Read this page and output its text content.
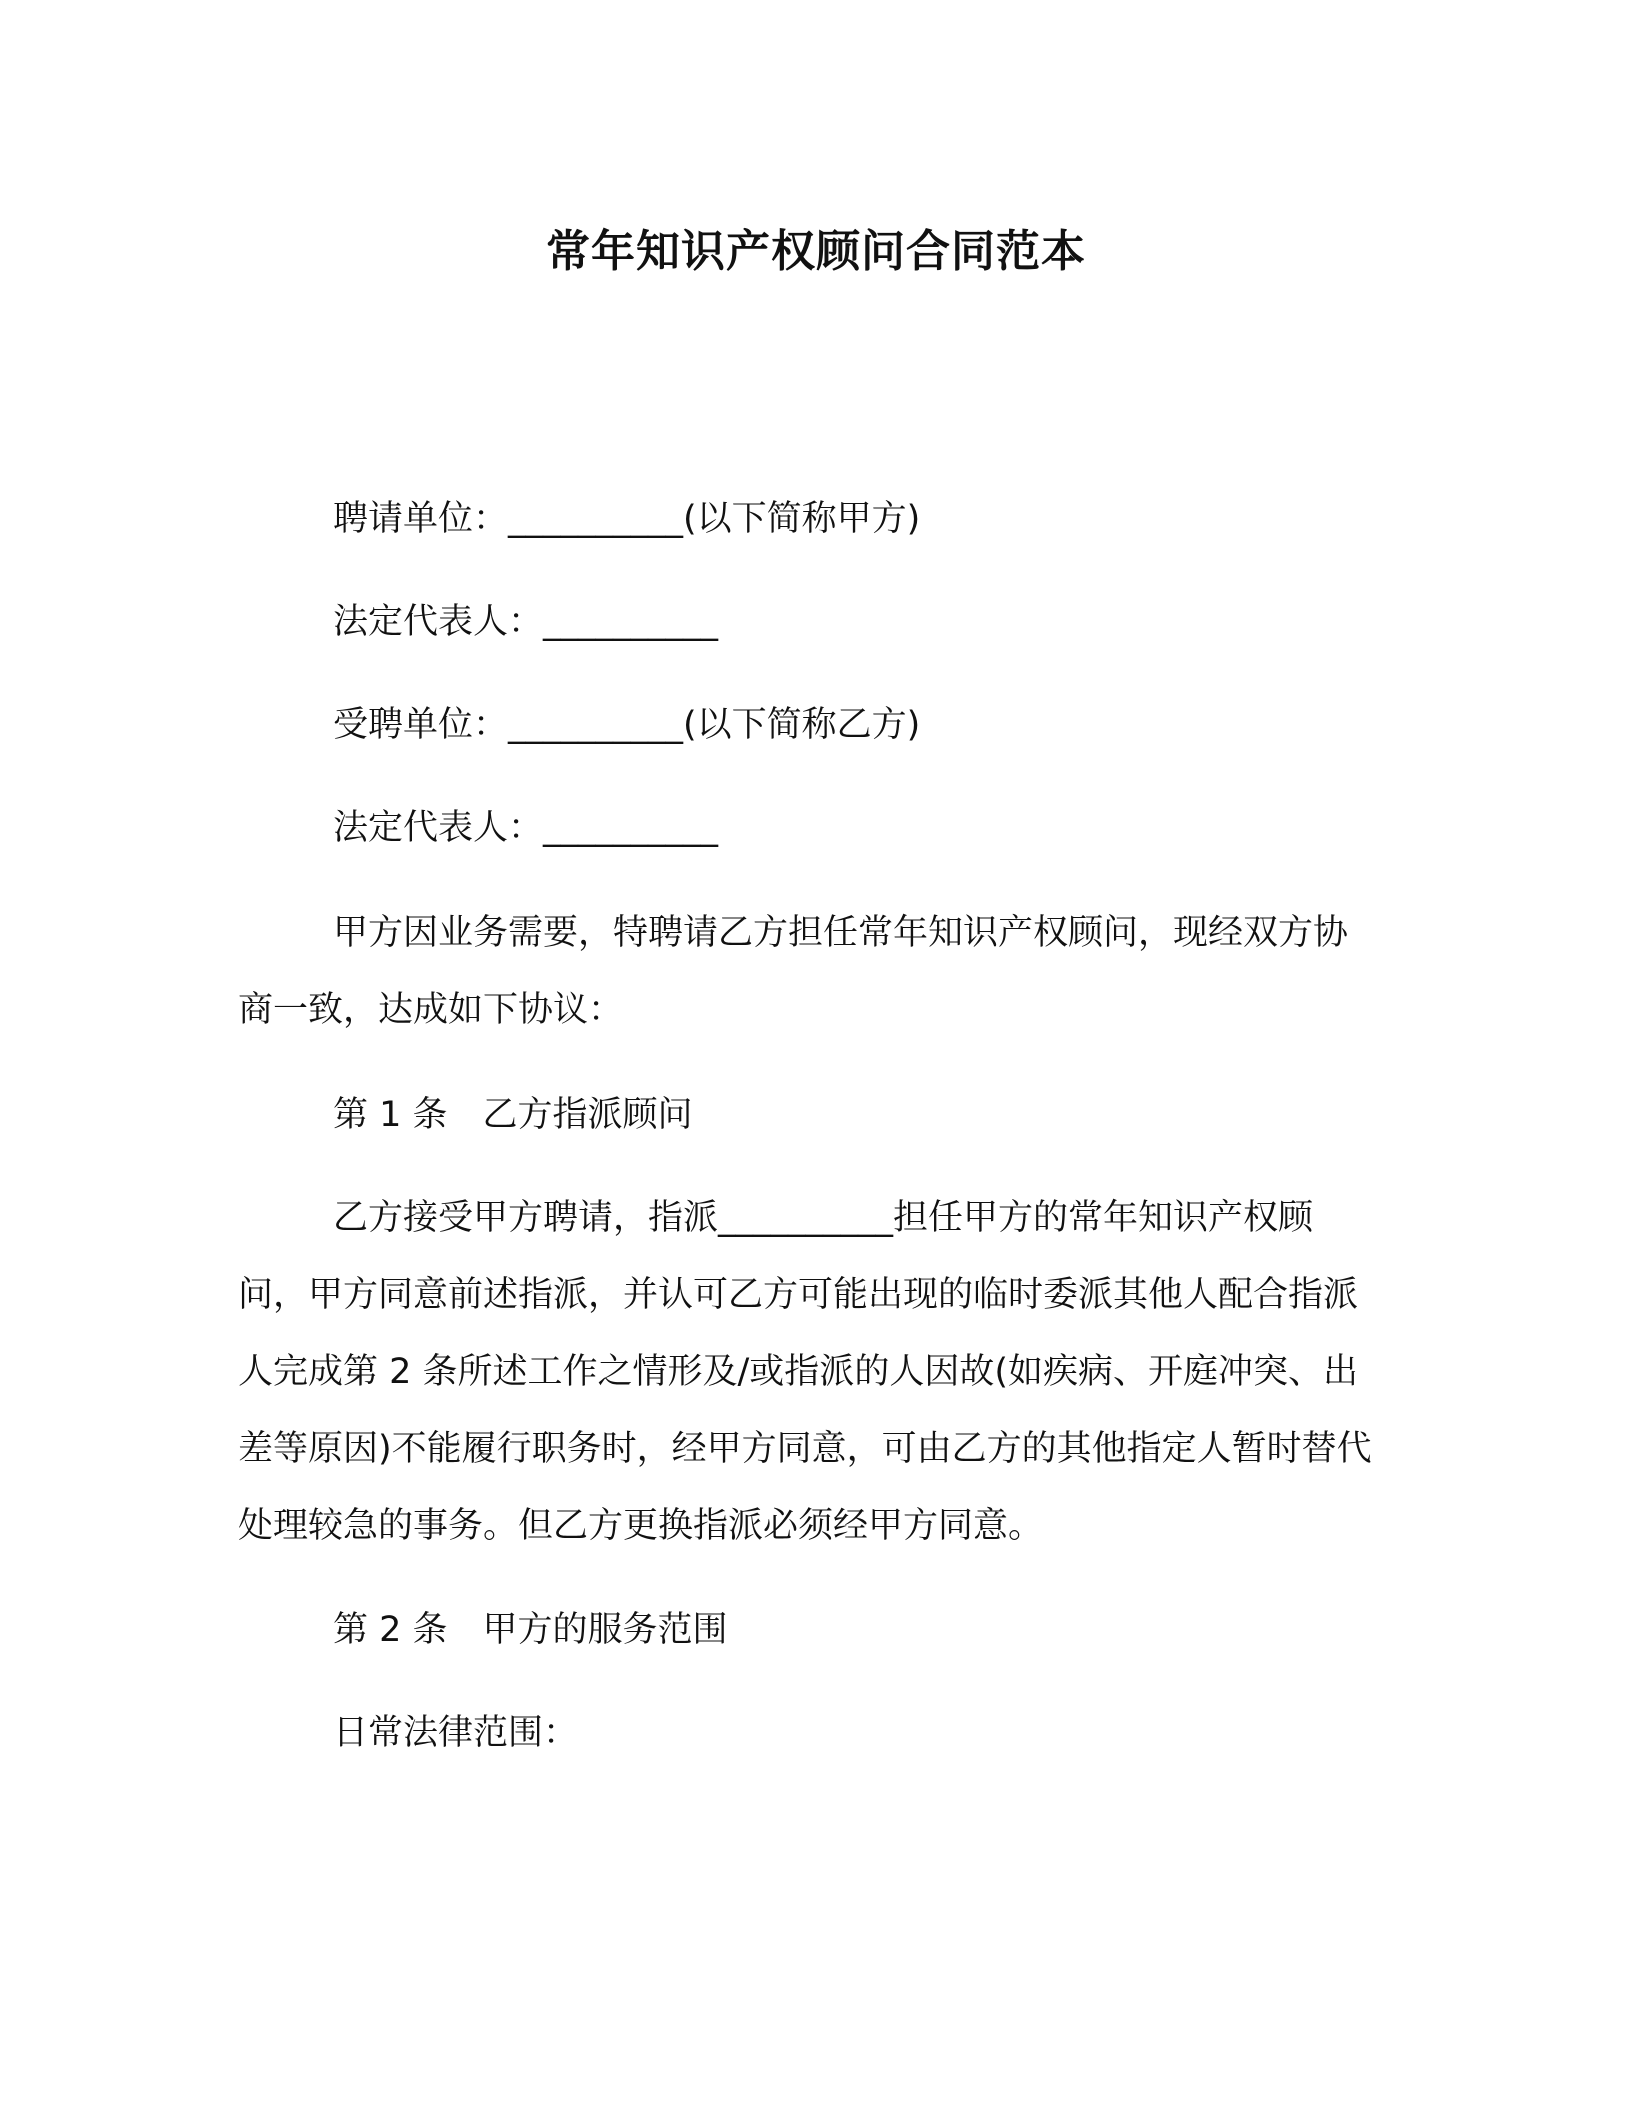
常年知识产权顾问合同范本
聘请单位：__________(以下简称甲方)
法定代表人：__________
受聘单位：__________(以下简称乙方)
法定代表人：__________
甲方因业务需要，特聘请乙方担任常年知识产权顾问，现经双方协商一致，达成如下协议：
第 1 条　乙方指派顾问
乙方接受甲方聘请，指派__________担任甲方的常年知识产权顾问，甲方同意前述指派，并认可乙方可能出现的临时委派其他人配合指派人完成第 2 条所述工作之情形及/或指派的人因故(如疾病、开庭冲突、出差等原因)不能履行职务时，经甲方同意，可由乙方的其他指定人暂时替代处理较急的事务。但乙方更换指派必须经甲方同意。
第 2 条　甲方的服务范围
日常法律范围：
